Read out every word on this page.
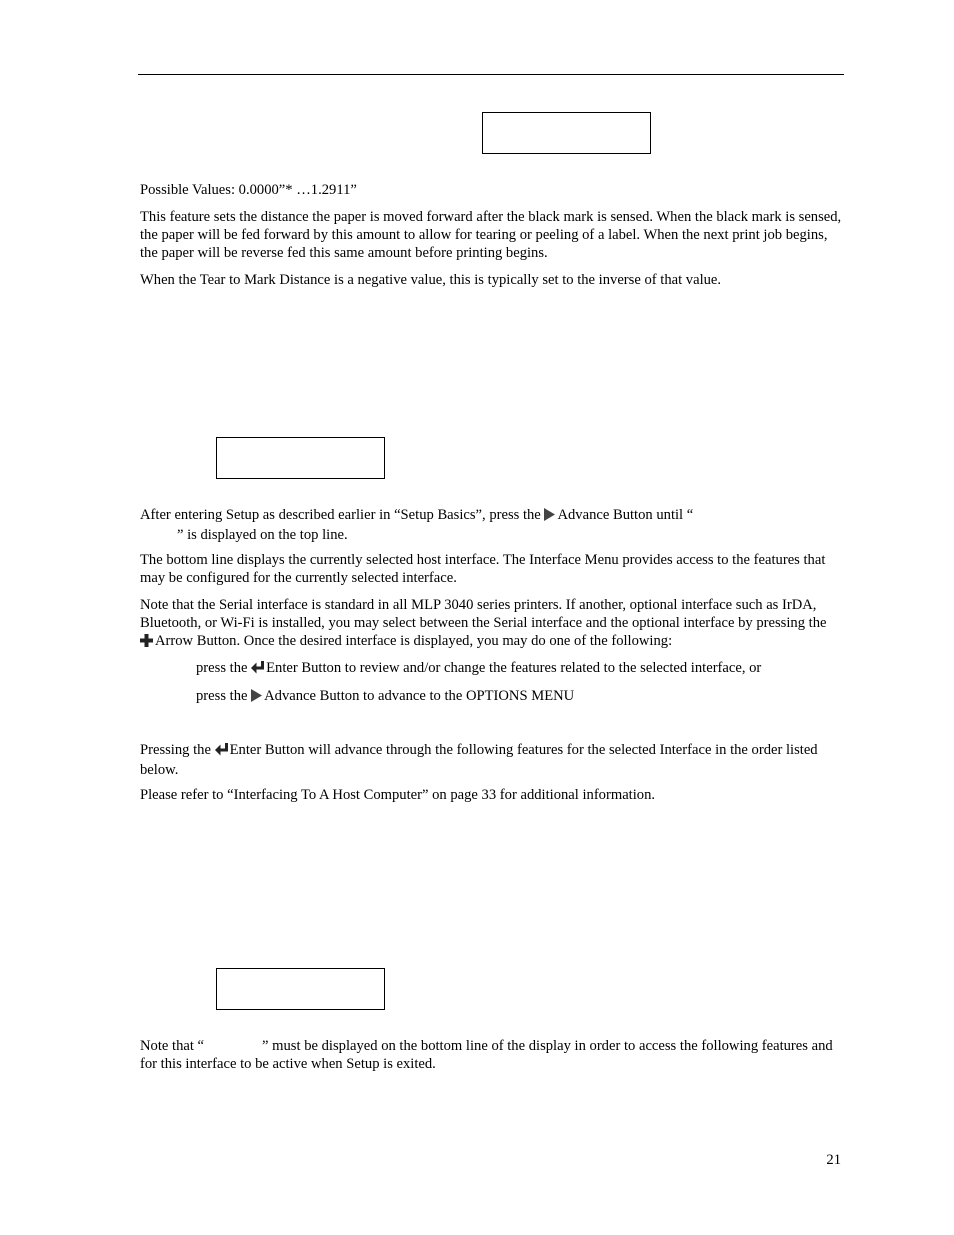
Possible Values: 0.0000”* …1.2911”

This feature sets the distance the paper is moved forward after the black mark is sensed. When the black mark is sensed, the paper will be fed forward by this amount to allow for tearing or peeling of a label. When the next print job begins, the paper will be reverse fed this same amount before printing begins.

When the Tear to Mark Distance is a negative value, this is typically set to the inverse of that value.

After entering Setup as described earlier in “Setup Basics”, press the Advance Button until “
” is displayed on the top line.

The bottom line displays the currently selected host interface. The Interface Menu provides access to the features that may be configured for the currently selected interface.

Note that the Serial interface is standard in all MLP 3040 series printers. If another, optional interface such as IrDA, Bluetooth, or Wi-Fi is installed, you may select between the Serial interface and the optional interface by pressing the Arrow Button. Once the desired interface is displayed, you may do one of the following:

press the Enter Button to review and/or change the features related to the selected interface, or

press the Advance Button to advance to the OPTIONS MENU

Pressing the Enter Button will advance through the following features for the selected Interface in the order listed below.

Please refer to “Interfacing To A Host Computer” on page 33 for additional information.

Note that “	” must be displayed on the bottom line of the display in order to access the following features and for this interface to be active when Setup is exited.

21
